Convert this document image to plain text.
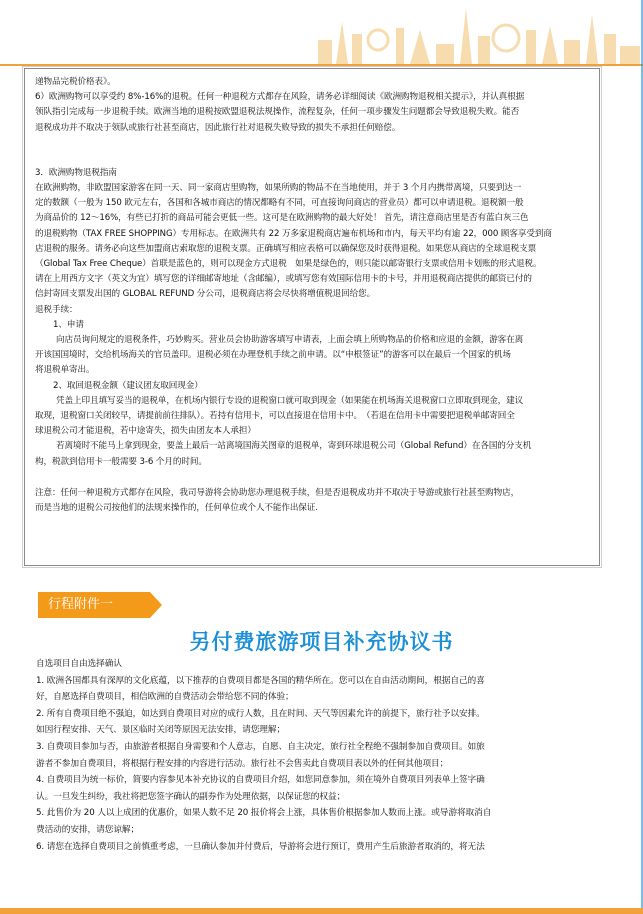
递物品完税价格表》。

6）欧洲购物可以享受约 8%-16%的退税。任何一种退税方式都存在风险，请务必详细阅读《欧洲购物退税相关提示》，并认真根据

领队指引完成每一步退税手续。欧洲当地的退税按欧盟退税法规操作，流程复杂，任何一项步骤发生问题都会导致退税失败。能否

退税成功并不取决于领队或旅行社甚至商店，因此旅行社对退税失败导致的损失不承担任何赔偿。

3．欧洲购物退税指南

在欧洲购物，非欧盟国家游客在同一天、同一家商店里购物，如果所购的物品不在当地使用，并于 3 个月内携带离境，只要到达一

定的数额（一般为 150 欧元左右，各国和各城市商店的情况都略有不同，可直接询问商店的营业员）都可以申请退税。退税额一般

为商品价的 12～16%，有些已打折的商品可能会更低一些。这可是在欧洲购物的最大好处！ 首先，请注意商店里是否有蓝白灰三色

的退税购物（TAX FREE SHOPPING）专用标志。在欧洲共有 22 万多家退税商店遍布机场和市内，每天平均有逾 22，000 顾客享受到商

店退税的服务。请务必向这些加盟商店索取您的退税支票。正确填写相应表格可以确保您及时获得退税。如果您从商店的全球退税支票

（Global Tax Free Cheque）首联是蓝色的，则可以现金方式退税　如果是绿色的，则只能以邮寄银行支票或信用卡划账的形式退税。

请在上用西方文字（英文为宜）填写您的详细邮寄地址（含邮编），或填写您有效国际信用卡的卡号，并用退税商店提供的邮资已付的

信封寄回支票发出国的 GLOBAL REFUND 分公司，退税商店将会尽快将增值税退回给您。

退税手续：

1、申请

向店员询问规定的退税条件，巧妙购买。营业员会协助游客填写申请表，上面会填上所购物品的价格和应退的金额，游客在离

开该国国境时，交给机场海关的官员盖印。退税必须在办理登机手续之前申请。以“申根签证”的游客可以在最后一个国家的机场

将退税单寄出。

2、取回退税金额（建议团友取回现金）

凭盖上印且填写妥当的退税单，在机场内银行专设的退税窗口就可取到现金（如果能在机场海关退税窗口立即取到现金，建议

取现，退税窗口关闭较早，请提前前往排队）。若持有信用卡，可以直接退在信用卡中。　（若退在信用卡中需要把退税单邮寄回全

球退税公司才能退税，若中途寄失，损失由团友本人承担）

若离境时不能马上拿到现金，要盖上最后一站离境国海关图章的退税单，寄到环球退税公司（Global Refund）在各国的分支机

构，税款到信用卡一般需要 3-6 个月的时间。

注意：任何一种退税方式都存在风险，我司导游将会协助您办理退税手续，但是否退税成功并不取决于导游或旅行社甚至购物店，

而是当地的退税公司按他们的法规来操作的，任何单位或个人不能作出保证.

行程附件一
另付费旅游项目补充协议书

自选项目自由选择确认

1. 欧洲各国都具有深厚的文化底蕴，以下推荐的自费项目都是各国的精华所在。您可以在自由活动期间，根据自己的喜

好，自愿选择自费项目，相信欧洲的自费活动会带给您不同的体验；

2. 所有自费项目绝不强迫，如达到自费项目对应的成行人数，且在时间、天气等因素允许的前提下，旅行社予以安排。

如因行程安排、天气、景区临时关闭等原因无法安排，请您理解；

3. 自费项目参加与否，由旅游者根据自身需要和个人意志，自愿、自主决定，旅行社全程绝不强制参加自费项目。如旅

游者不参加自费项目，将根据行程安排的内容进行活动。旅行社不会售卖此自费项目表以外的任何其他项目；

4. 自费项目为统一标价，简要内容参见本补充协议的自费项目介绍，如您同意参加，须在境外自费项目列表单上签字确

认。一旦发生纠纷，我社将把您签字确认的副券作为处理依据，以保证您的权益；

5. 此售价为 20 人以上成团的优惠价，如果人数不足 20 报价将会上涨，具体售价根据参加人数而上涨。或导游将取消自

费活动的安排，请您谅解；

6. 请您在选择自费项目之前慎重考虑，一旦确认参加并付费后，导游将会进行预订，费用产生后旅游者取消的，将无法
